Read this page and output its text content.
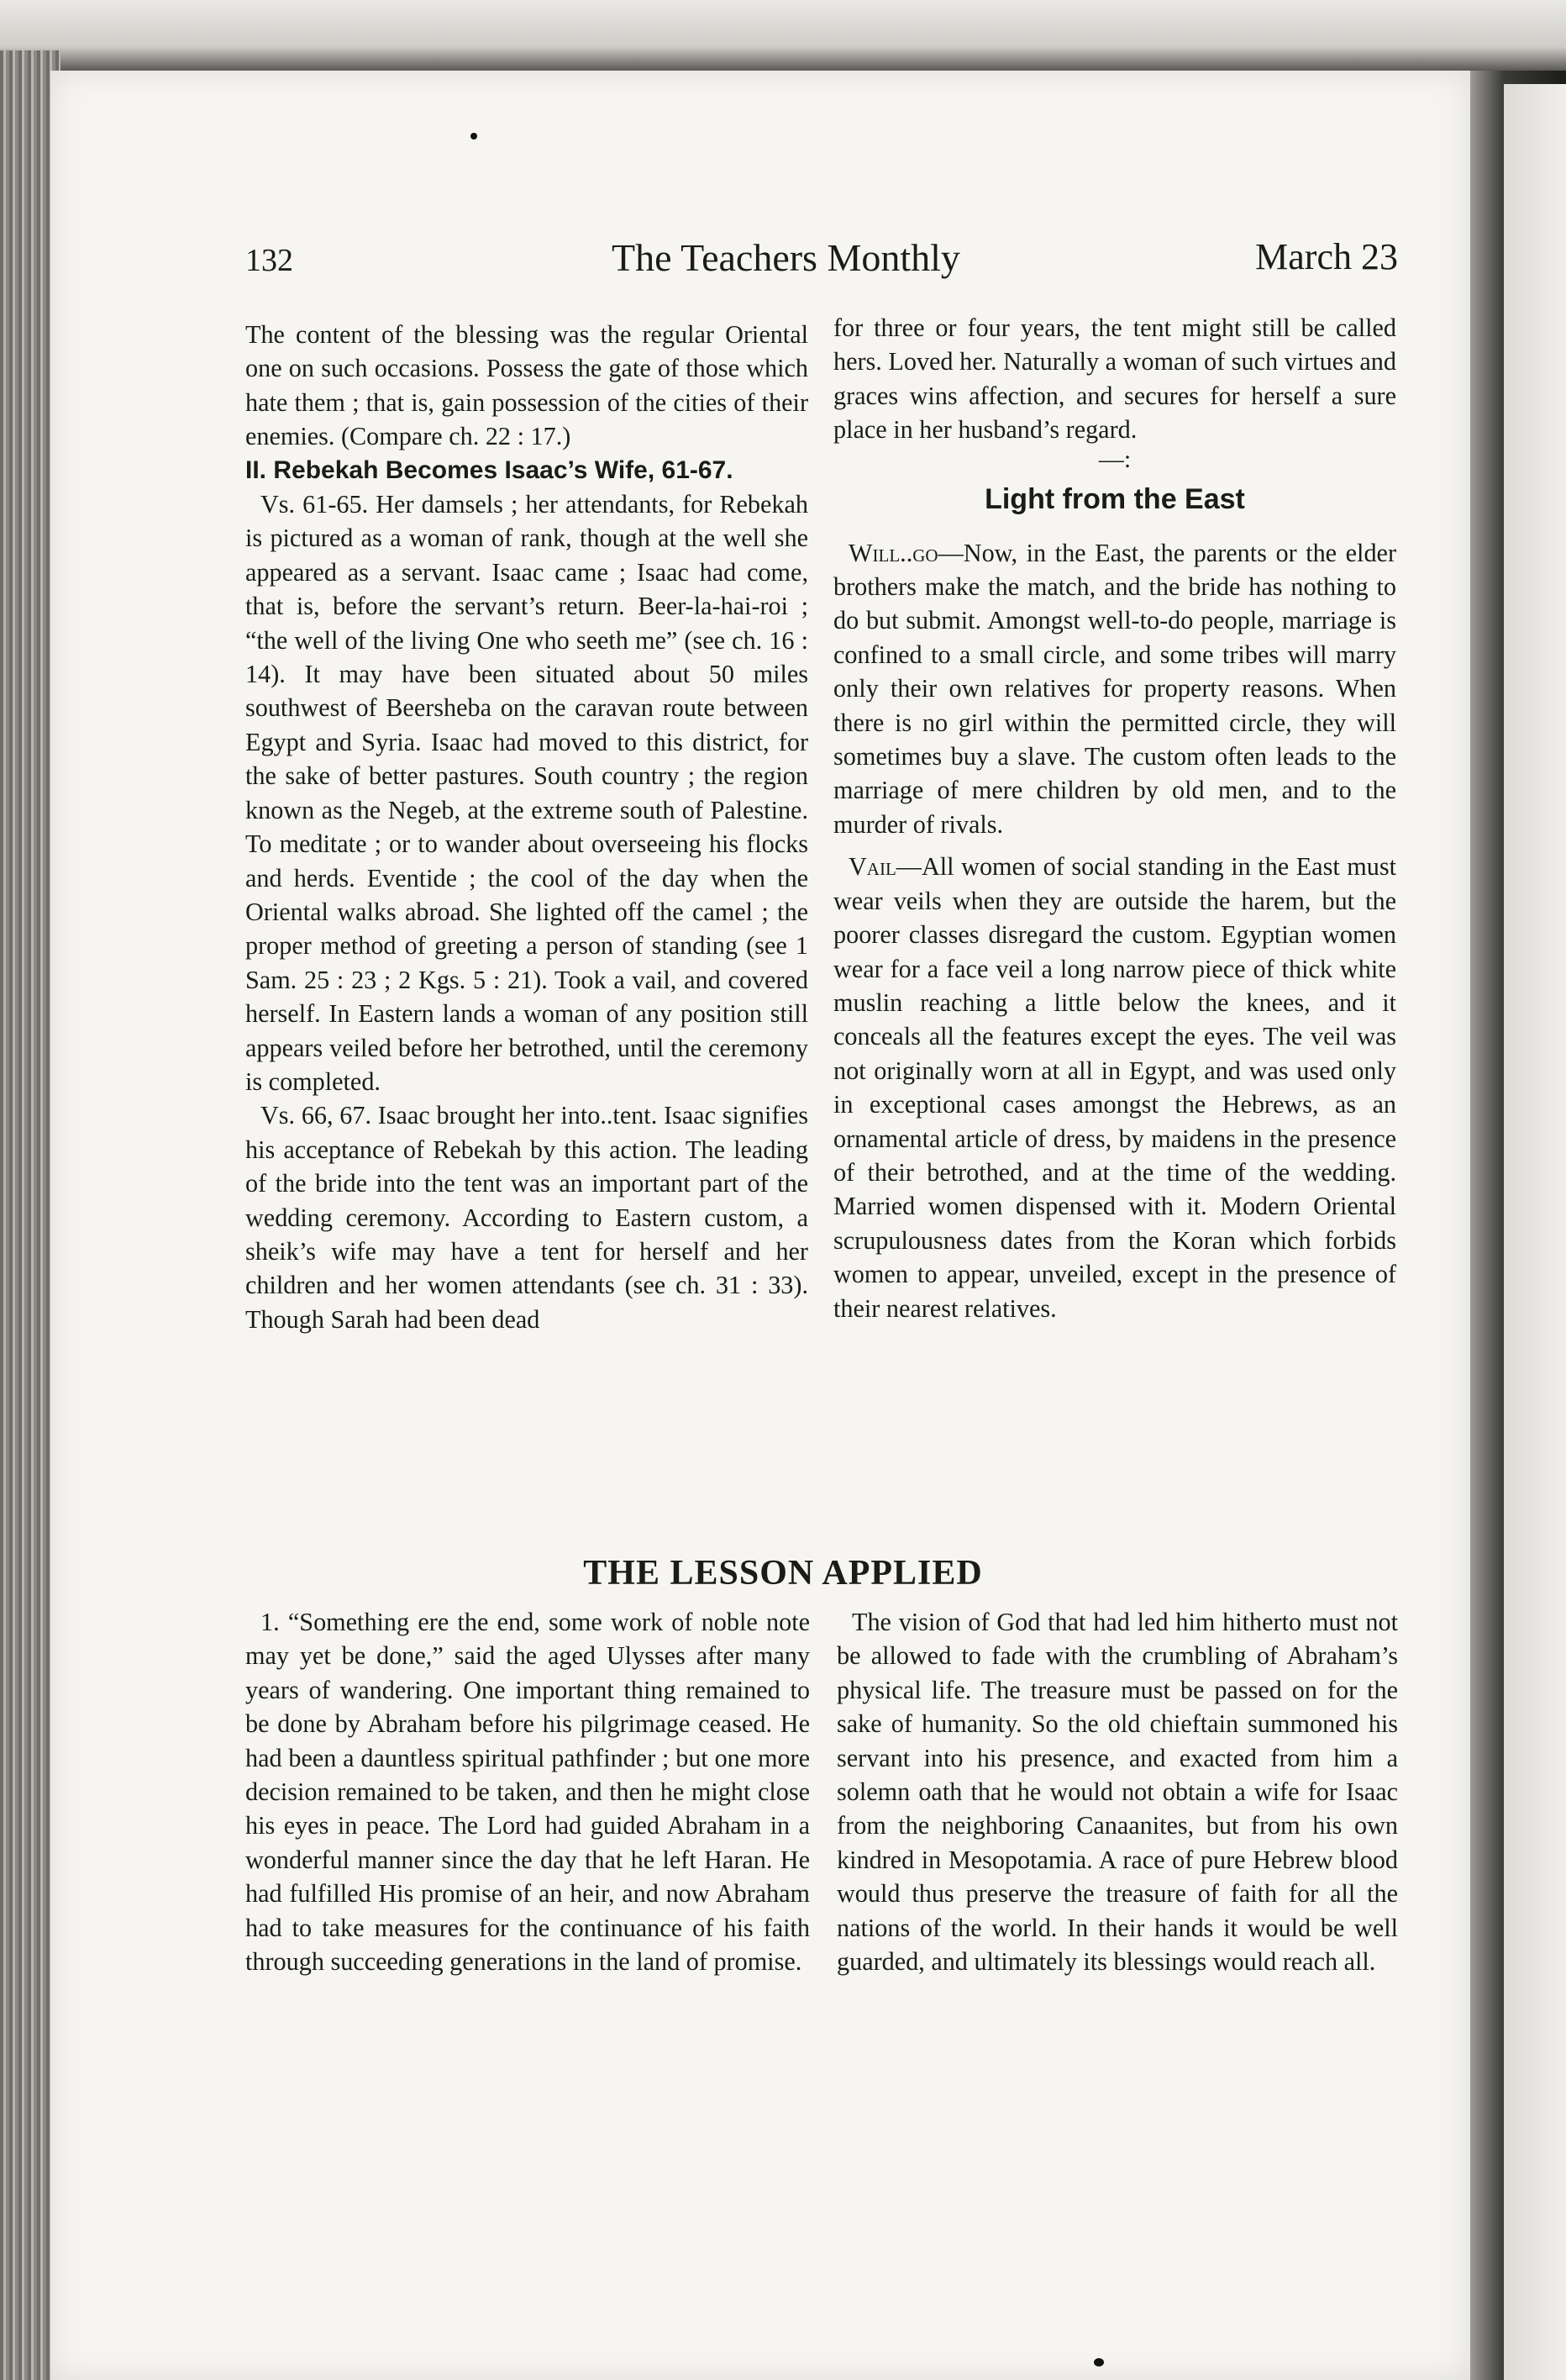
132	The Teachers Monthly	March 23

The content of the blessing was the regular Oriental one on such occasions. Possess the gate of those which hate them ; that is, gain possession of the cities of their enemies. (Compare ch. 22 : 17.)

II. Rebekah Becomes Isaac’s Wife, 61-67.

Vs. 61-65. Her damsels ; her attendants, for Rebekah is pictured as a woman of rank, though at the well she appeared as a servant. Isaac came ; Isaac had come, that is, before the servant’s return. Beer-la-hai-roi ; “the well of the living One who seeth me” (see ch. 16 : 14). It may have been situated about 50 miles southwest of Beersheba on the caravan route between Egypt and Syria. Isaac had moved to this district, for the sake of better pastures. South country ; the region known as the Negeb, at the extreme south of Palestine. To meditate ; or to wander about overseeing his flocks and herds. Eventide ; the cool of the day when the Oriental walks abroad. She lighted off the camel ; the proper method of greeting a person of standing (see 1 Sam. 25 : 23 ; 2 Kgs. 5 : 21). Took a vail, and covered herself. In Eastern lands a woman of any position still appears veiled before her betrothed, until the ceremony is completed.

Vs. 66, 67. Isaac brought her into..tent. Isaac signifies his acceptance of Rebekah by this action. The leading of the bride into the tent was an important part of the wedding ceremony. According to Eastern custom, a sheik’s wife may have a tent for herself and her children and her women attendants (see ch. 31 : 33). Though Sarah had been dead

for three or four years, the tent might still be called hers. Loved her. Naturally a woman of such virtues and graces wins affection, and secures for herself a sure place in her husband’s regard.

—:

Light from the East

Will..go—Now, in the East, the parents or the elder brothers make the match, and the bride has nothing to do but submit. Amongst well-to-do people, marriage is confined to a small circle, and some tribes will marry only their own relatives for property reasons. When there is no girl within the permitted circle, they will sometimes buy a slave. The custom often leads to the marriage of mere children by old men, and to the murder of rivals.

Vail—All women of social standing in the East must wear veils when they are outside the harem, but the poorer classes disregard the custom. Egyptian women wear for a face veil a long narrow piece of thick white muslin reaching a little below the knees, and it conceals all the features except the eyes. The veil was not originally worn at all in Egypt, and was used only in exceptional cases amongst the Hebrews, as an ornamental article of dress, by maidens in the presence of their betrothed, and at the time of the wedding. Married women dispensed with it. Modern Oriental scrupulousness dates from the Koran which forbids women to appear, unveiled, except in the presence of their nearest relatives.

THE LESSON APPLIED

1. “Something ere the end, some work of noble note may yet be done,” said the aged Ulysses after many years of wandering. One important thing remained to be done by Abraham before his pilgrimage ceased. He had been a dauntless spiritual pathfinder ; but one more decision remained to be taken, and then he might close his eyes in peace. The Lord had guided Abraham in a wonderful manner since the day that he left Haran. He had fulfilled His promise of an heir, and now Abraham had to take measures for the continuance of his faith through succeeding generations in the land of promise.

The vision of God that had led him hitherto must not be allowed to fade with the crumbling of Abraham’s physical life. The treasure must be passed on for the sake of humanity. So the old chieftain summoned his servant into his presence, and exacted from him a solemn oath that he would not obtain a wife for Isaac from the neighboring Canaanites, but from his own kindred in Mesopotamia. A race of pure Hebrew blood would thus preserve the treasure of faith for all the nations of the world. In their hands it would be well guarded, and ultimately its blessings would reach all.
